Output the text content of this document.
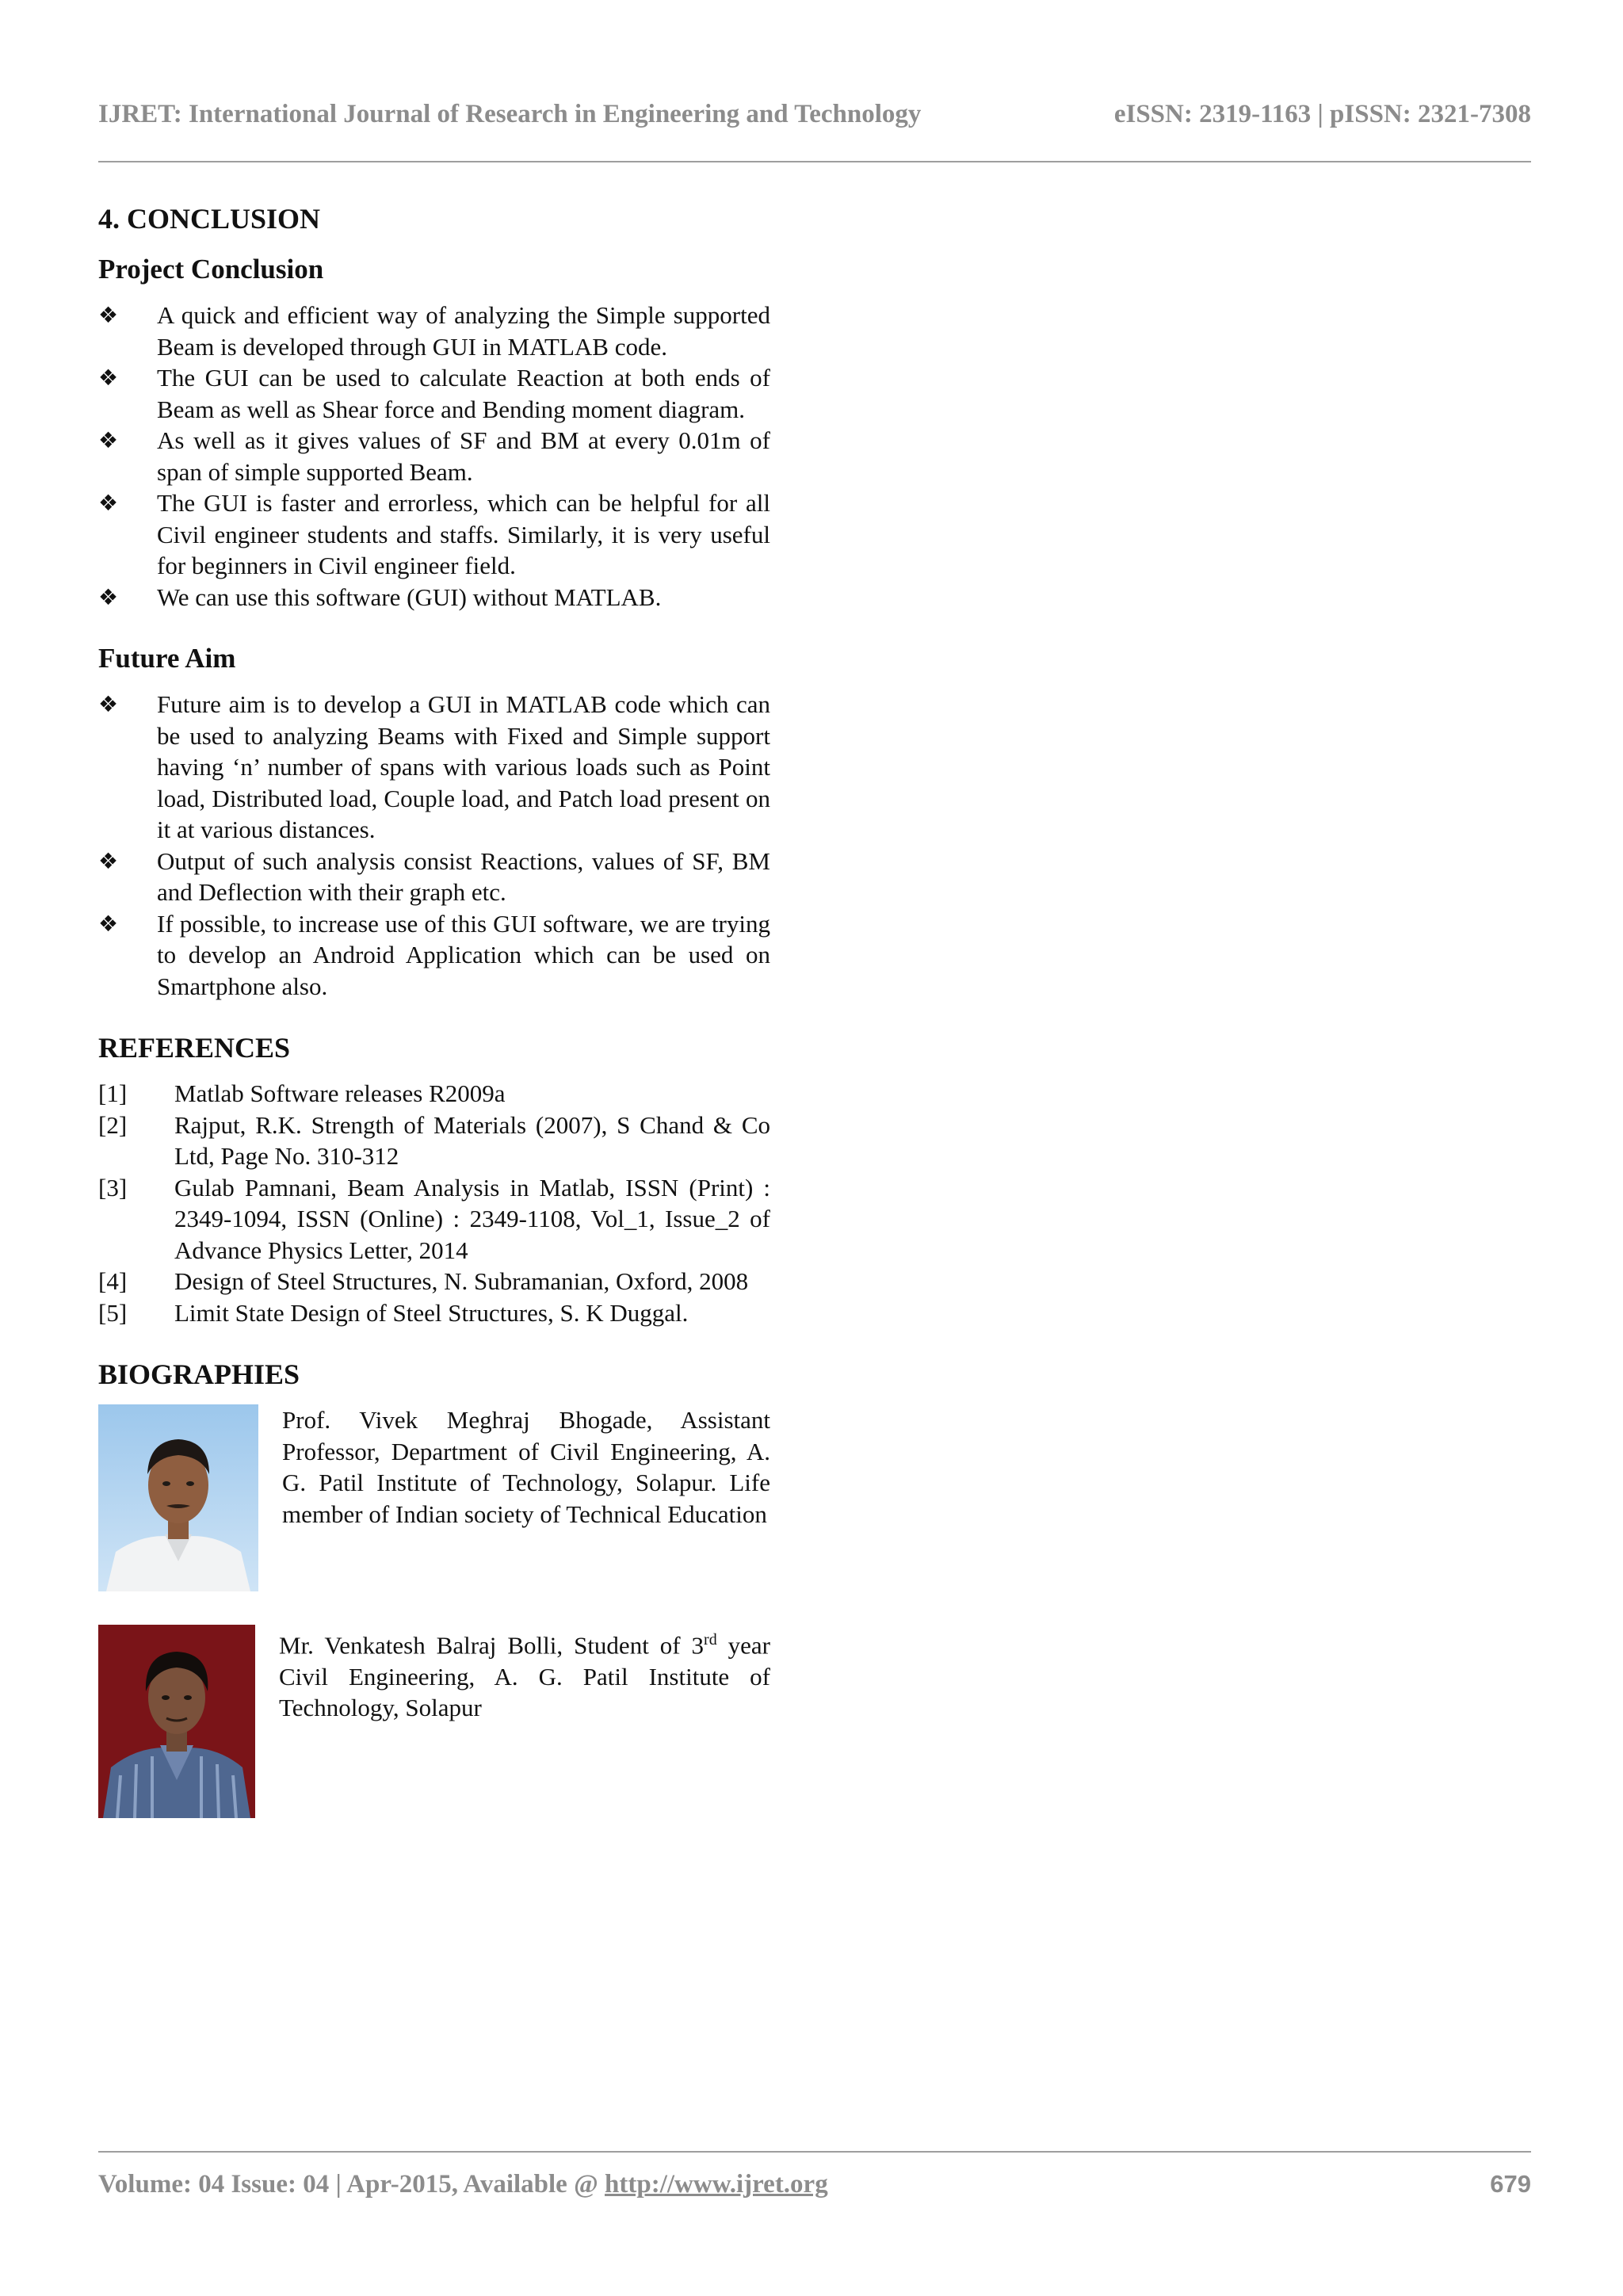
IJRET: International Journal of Research in Engineering and Technology	eISSN: 2319-1163 | pISSN: 2321-7308
4. CONCLUSION
Project Conclusion
❖ A quick and efficient way of analyzing the Simple supported Beam is developed through GUI in MATLAB code.
❖ The GUI can be used to calculate Reaction at both ends of Beam as well as Shear force and Bending moment diagram.
❖ As well as it gives values of SF and BM at every 0.01m of span of simple supported Beam.
❖ The GUI is faster and errorless, which can be helpful for all Civil engineer students and staffs. Similarly, it is very useful for beginners in Civil engineer field.
❖ We can use this software (GUI) without MATLAB.
Future Aim
❖ Future aim is to develop a GUI in MATLAB code which can be used to analyzing Beams with Fixed and Simple support having ‘n’ number of spans with various loads such as Point load, Distributed load, Couple load, and Patch load present on it at various distances.
❖ Output of such analysis consist Reactions, values of SF, BM and Deflection with their graph etc.
❖ If possible, to increase use of this GUI software, we are trying to develop an Android Application which can be used on Smartphone also.
REFERENCES
[1] Matlab Software releases R2009a
[2] Rajput, R.K. Strength of Materials (2007), S Chand & Co Ltd, Page No. 310-312
[3] Gulab Pamnani, Beam Analysis in Matlab, ISSN (Print) : 2349-1094, ISSN (Online) : 2349-1108, Vol_1, Issue_2 of Advance Physics Letter, 2014
[4] Design of Steel Structures, N. Subramanian, Oxford, 2008
[5] Limit State Design of Steel Structures, S. K Duggal.
BIOGRAPHIES
Prof. Vivek Meghraj Bhogade, Assistant Professor, Department of Civil Engineering, A. G. Patil Institute of Technology, Solapur. Life member of Indian society of Technical Education
Mr. Venkatesh Balraj Bolli, Student of 3rd year Civil Engineering, A. G. Patil Institute of Technology, Solapur
Volume: 04 Issue: 04 | Apr-2015, Available @ http://www.ijret.org	679
